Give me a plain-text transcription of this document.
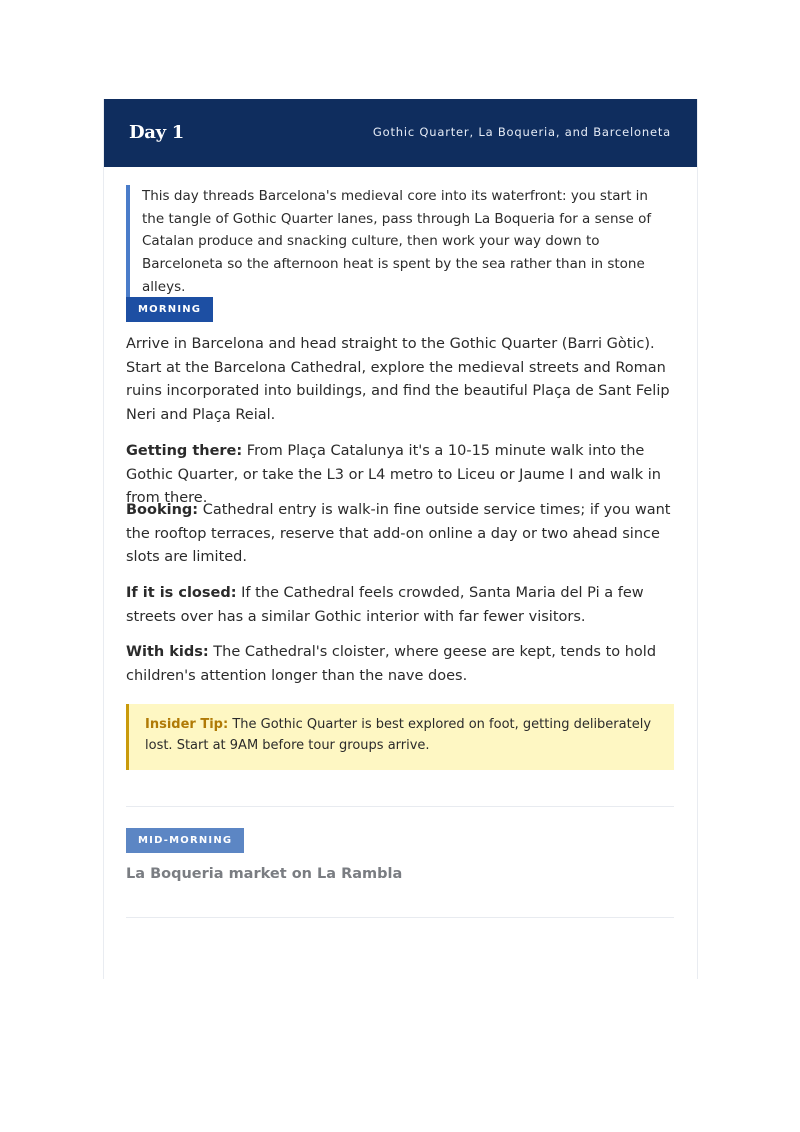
Day 1	Gothic Quarter, La Boqueria, and Barceloneta
This day threads Barcelona's medieval core into its waterfront: you start in the tangle of Gothic Quarter lanes, pass through La Boqueria for a sense of Catalan produce and snacking culture, then work your way down to Barceloneta so the afternoon heat is spent by the sea rather than in stone alleys.
MORNING
Arrive in Barcelona and head straight to the Gothic Quarter (Barri Gòtic). Start at the Barcelona Cathedral, explore the medieval streets and Roman ruins incorporated into buildings, and find the beautiful Plaça de Sant Felip Neri and Plaça Reial.
Getting there: From Plaça Catalunya it's a 10-15 minute walk into the Gothic Quarter, or take the L3 or L4 metro to Liceu or Jaume I and walk in from there.
Booking: Cathedral entry is walk-in fine outside service times; if you want the rooftop terraces, reserve that add-on online a day or two ahead since slots are limited.
If it is closed: If the Cathedral feels crowded, Santa Maria del Pi a few streets over has a similar Gothic interior with far fewer visitors.
With kids: The Cathedral's cloister, where geese are kept, tends to hold children's attention longer than the nave does.
Insider Tip: The Gothic Quarter is best explored on foot, getting deliberately lost. Start at 9AM before tour groups arrive.
MID-MORNING
La Boqueria market on La Rambla
